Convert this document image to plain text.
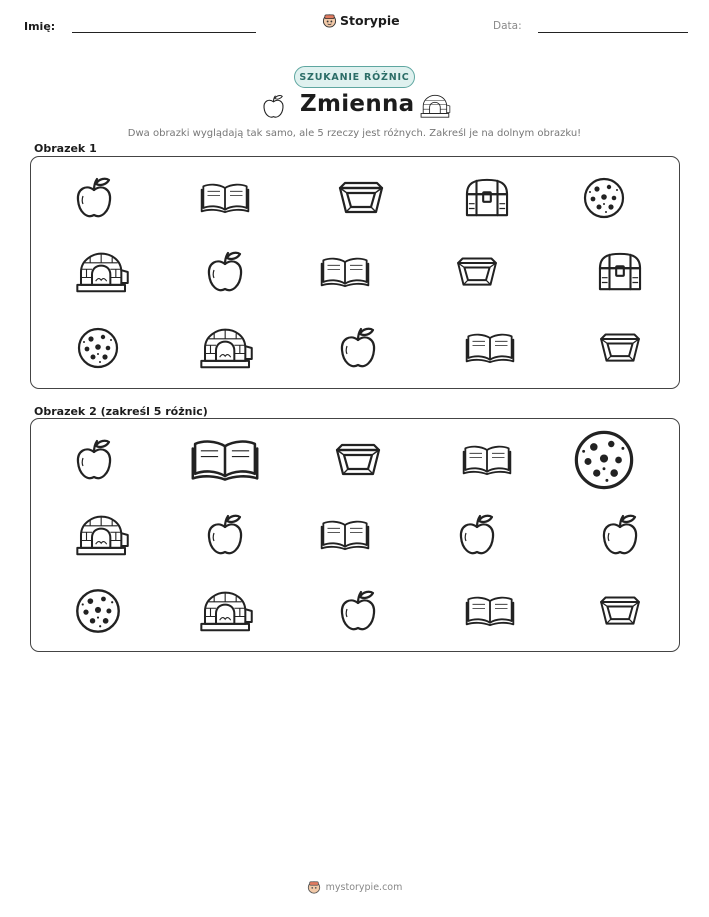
Imię:	Storypie	Data:
SZUKANIE RÓŻNIC
Zmienna
Dwa obrazki wyglądają tak samo, ale 5 rzeczy jest różnych. Zakreśl je na dolnym obrazku!
Obrazek 1
Obrazek 2 (zakreśl 5 różnic)
mystorypie.com
